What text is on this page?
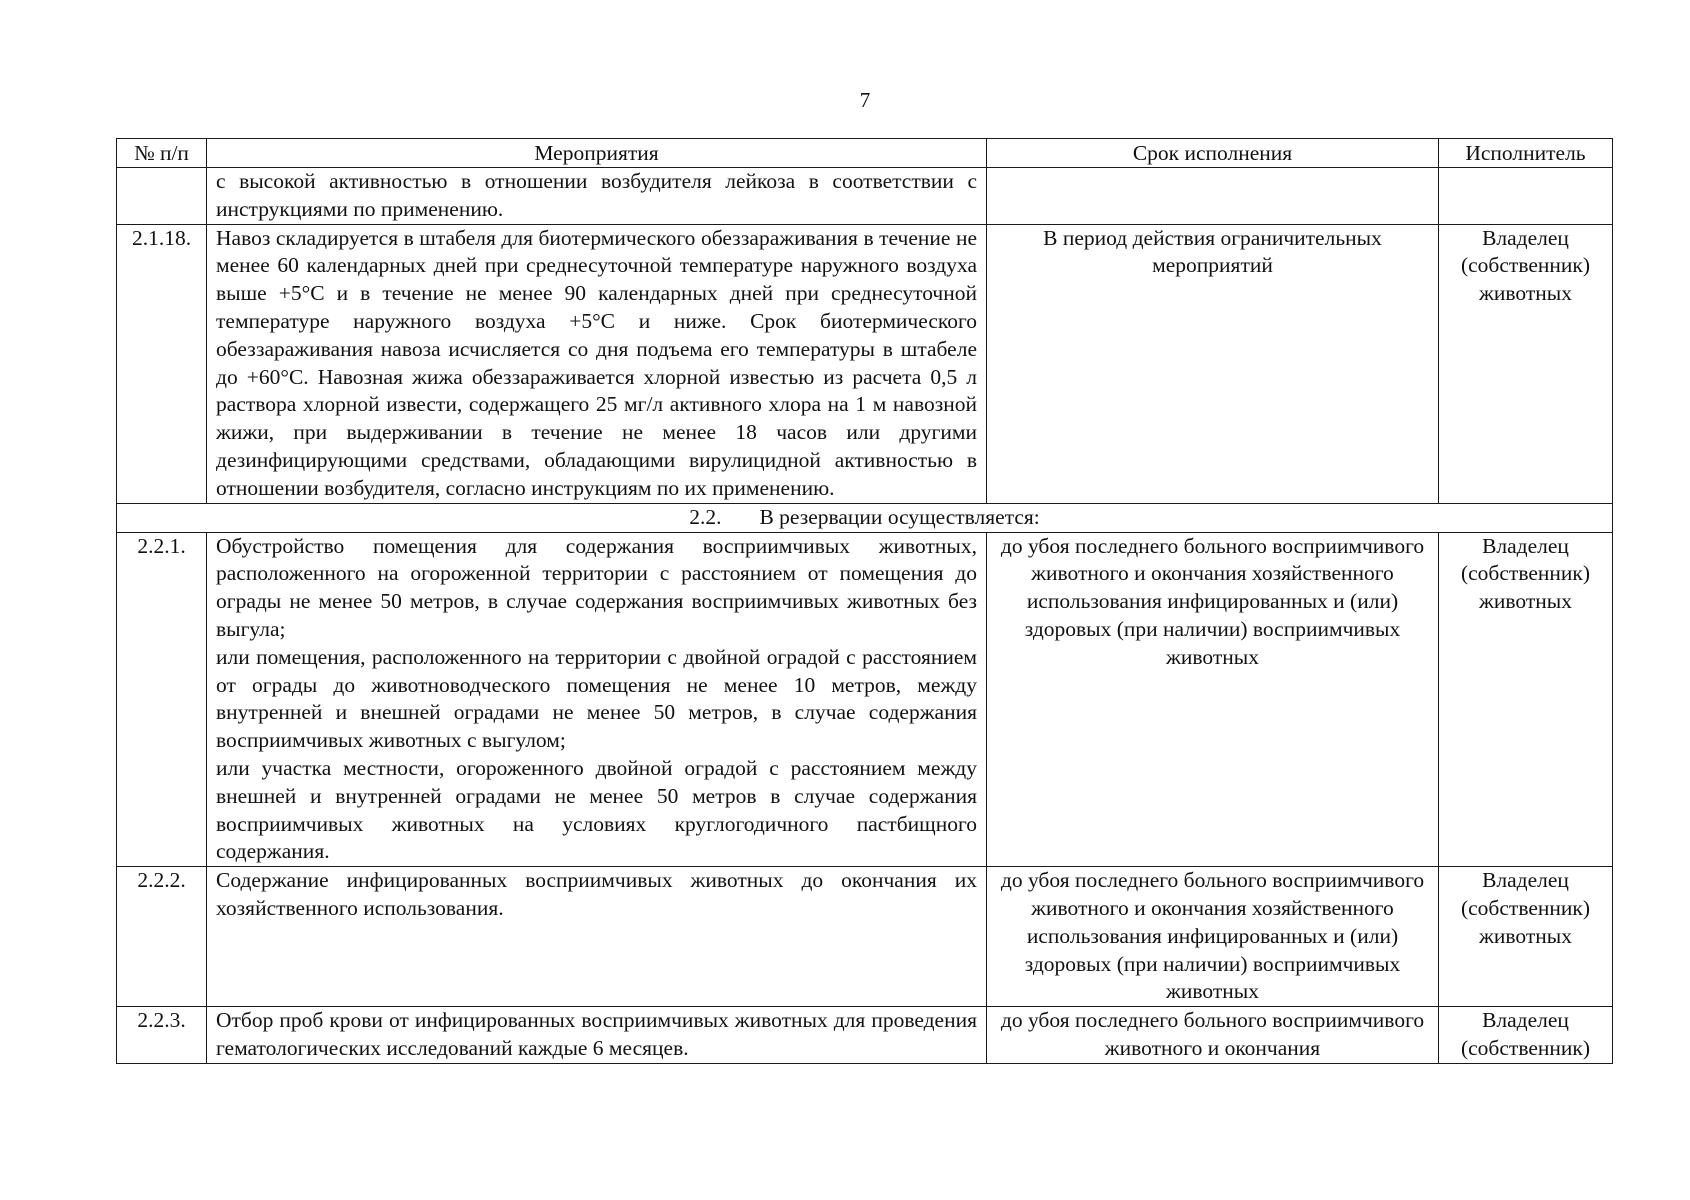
7
№ п/п	Мероприятия	Срок исполнения	Исполнитель
	с высокой активностью в отношении возбудителя лейкоза в соответствии с инструкциями по применению.		
2.1.18.	Навоз складируется в штабеля для биотермического обеззараживания в течение не менее 60 календарных дней при среднесуточной температуре наружного воздуха выше +5°С и в течение не менее 90 календарных дней при среднесуточной температуре наружного воздуха +5°С и ниже. Срок биотермического обеззараживания навоза исчисляется со дня подъема его температуры в штабеле до +60°С. Навозная жижа обеззараживается хлорной известью из расчета 0,5 л раствора хлорной извести, содержащего 25 мг/л активного хлора на 1 м навозной жижи, при выдерживании в течение не менее 18 часов или другими дезинфицирующими средствами, обладающими вирулицидной активностью в отношении возбудителя, согласно инструкциям по их применению.	В период действия ограничительных мероприятий	Владелец (собственник) животных
2.2. В резервации осуществляется:			
2.2.1.	Обустройство помещения для содержания восприимчивых животных, расположенного на огороженной территории с расстоянием от помещения до ограды не менее 50 метров, в случае содержания восприимчивых животных без выгула;
или помещения, расположенного на территории с двойной оградой с расстоянием от ограды до животноводческого помещения не менее 10 метров, между внутренней и внешней оградами не менее 50 метров, в случае содержания восприимчивых животных с выгулом;
или участка местности, огороженного двойной оградой с расстоянием между внешней и внутренней оградами не менее 50 метров в случае содержания восприимчивых животных на условиях круглогодичного пастбищного содержания.	до убоя последнего больного восприимчивого животного и окончания хозяйственного использования инфицированных и (или) здоровых (при наличии) восприимчивых животных	Владелец (собственник) животных
2.2.2.	Содержание инфицированных восприимчивых животных до окончания их хозяйственного использования.	до убоя последнего больного восприимчивого животного и окончания хозяйственного использования инфицированных и (или) здоровых (при наличии) восприимчивых животных	Владелец (собственник) животных
2.2.3.	Отбор проб крови от инфицированных восприимчивых животных для проведения гематологических исследований каждые 6 месяцев.	до убоя последнего больного восприимчивого животного и окончания	Владелец (собственник)
